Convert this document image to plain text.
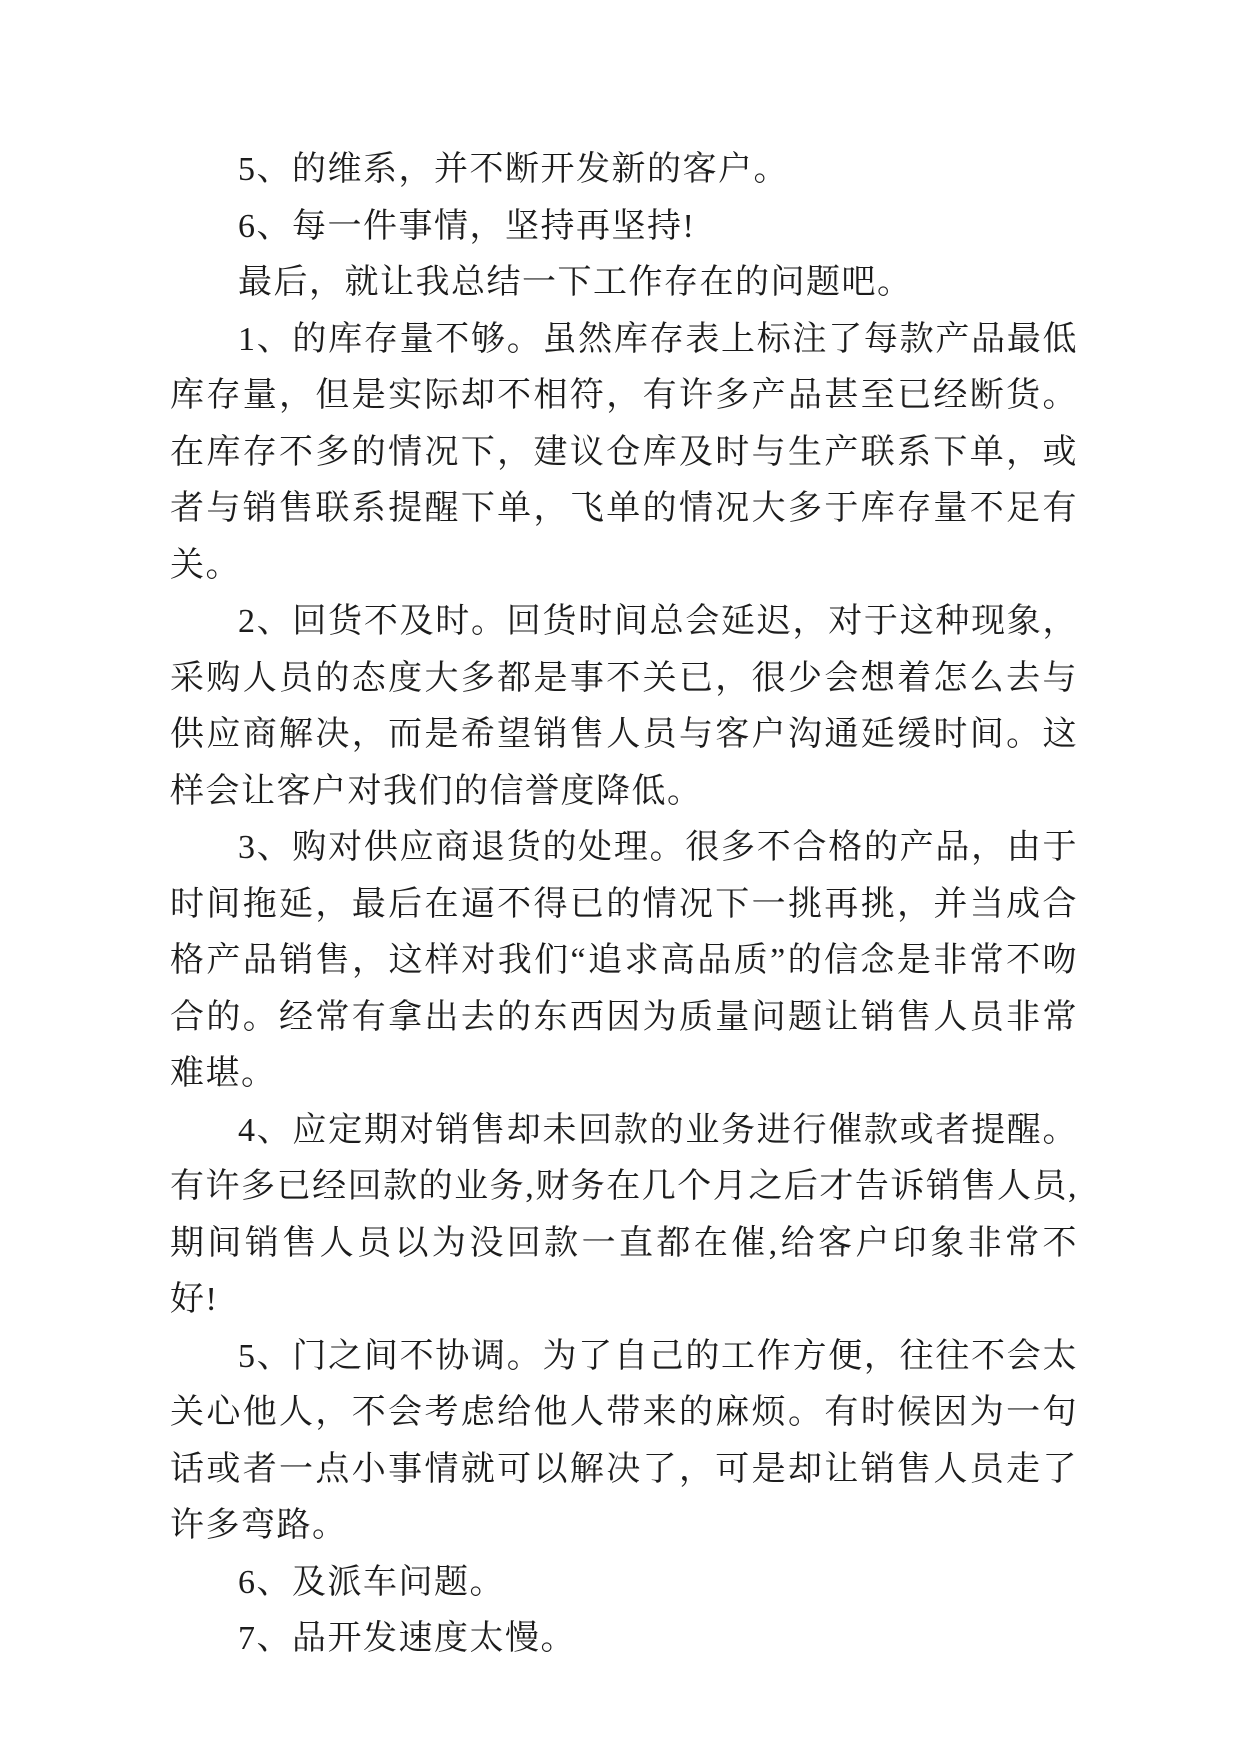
5、的维系，并不断开发新的客户。

6、每一件事情，坚持再坚持!

最后，就让我总结一下工作存在的问题吧。

1、的库存量不够。虽然库存表上标注了每款产品最低库存量，但是实际却不相符，有许多产品甚至已经断货。在库存不多的情况下，建议仓库及时与生产联系下单，或者与销售联系提醒下单，飞单的情况大多于库存量不足有关。

2、回货不及时。回货时间总会延迟，对于这种现象，采购人员的态度大多都是事不关已，很少会想着怎么去与供应商解决，而是希望销售人员与客户沟通延缓时间。这样会让客户对我们的信誉度降低。

3、购对供应商退货的处理。很多不合格的产品，由于时间拖延，最后在逼不得已的情况下一挑再挑，并当成合格产品销售，这样对我们“追求高品质”的信念是非常不吻合的。经常有拿出去的东西因为质量问题让销售人员非常难堪。

4、应定期对销售却未回款的业务进行催款或者提醒。有许多已经回款的业务,财务在几个月之后才告诉销售人员,期间销售人员以为没回款一直都在催,给客户印象非常不好!

5、门之间不协调。为了自己的工作方便，往往不会太关心他人，不会考虑给他人带来的麻烦。有时候因为一句话或者一点小事情就可以解决了，可是却让销售人员走了许多弯路。

6、及派车问题。

7、品开发速度太慢。
